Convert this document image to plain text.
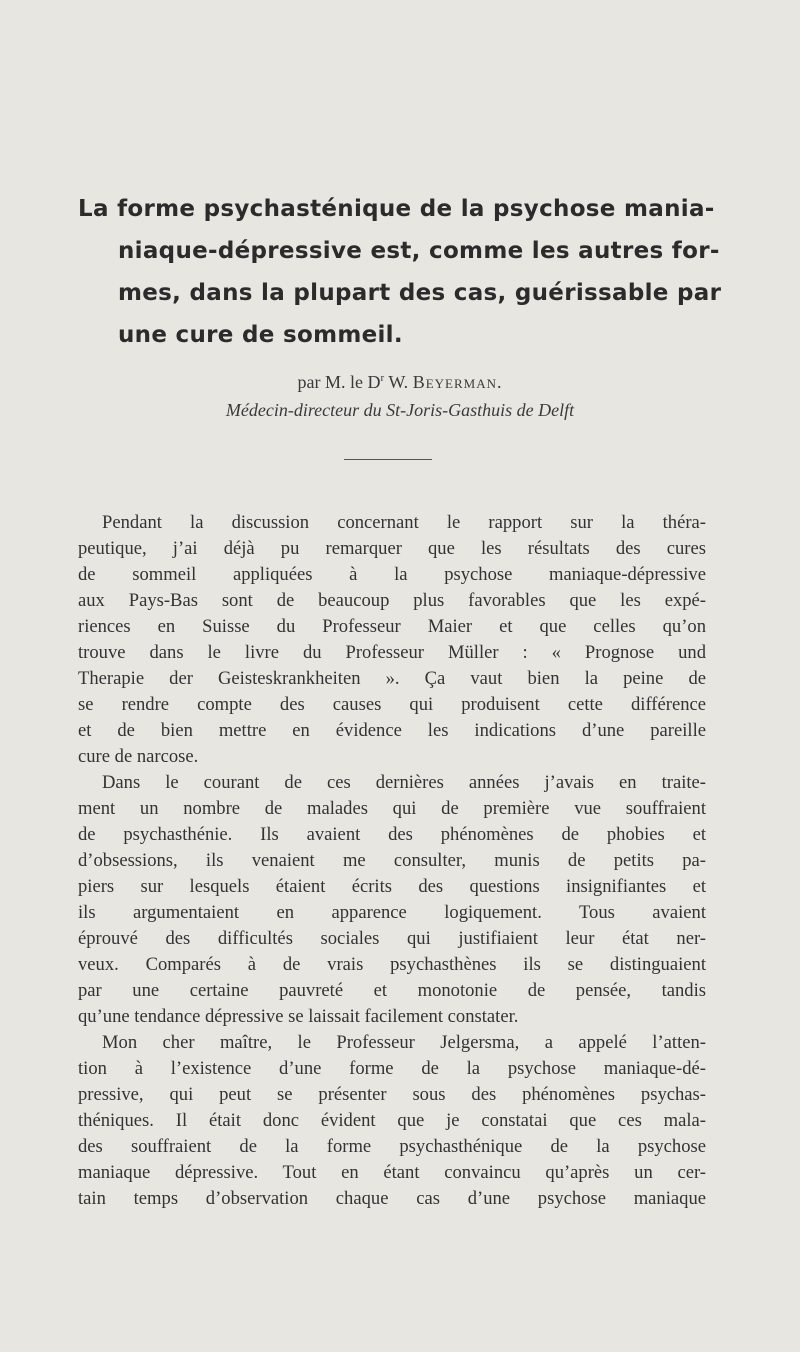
La forme psychasténique de la psychose mania-
niaque-dépressive est, comme les autres for-
mes, dans la plupart des cas, guérissable par
une cure de sommeil.
par M. le $D^r$ W. Beyerman.
Médecin-directeur du St-Joris-Gasthuis de Delft
Pendant la discussion concernant le rapport sur la théra-
peutique, j’ai déjà pu remarquer que les résultats des cures
de sommeil appliquées à la psychose maniaque-dépressive
aux Pays-Bas sont de beaucoup plus favorables que les expé-
riences en Suisse du Professeur Maier et que celles qu’on
trouve dans le livre du Professeur Müller : « Prognose und
Therapie der Geisteskrankheiten ». Ça vaut bien la peine de
se rendre compte des causes qui produisent cette différence
et de bien mettre en évidence les indications d’une pareille
cure de narcose.
Dans le courant de ces dernières années j’avais en traite-
ment un nombre de malades qui de première vue souffraient
de psychasthénie. Ils avaient des phénomènes de phobies et
d’obsessions, ils venaient me consulter, munis de petits pa-
piers sur lesquels étaient écrits des questions insignifiantes et
ils argumentaient en apparence logiquement. Tous avaient
éprouvé des difficultés sociales qui justifiaient leur état ner-
veux. Comparés à de vrais psychasthènes ils se distinguaient
par une certaine pauvreté et monotonie de pensée, tandis
qu’une tendance dépressive se laissait facilement constater.
Mon cher maître, le Professeur Jelgersma, a appelé l’atten-
tion à l’existence d’une forme de la psychose maniaque-dé-
pressive, qui peut se présenter sous des phénomènes psychas-
théniques. Il était donc évident que je constatai que ces mala-
des souffraient de la forme psychasthénique de la psychose
maniaque dépressive. Tout en étant convaincu qu’après un cer-
tain temps d’observation chaque cas d’une psychose maniaque
